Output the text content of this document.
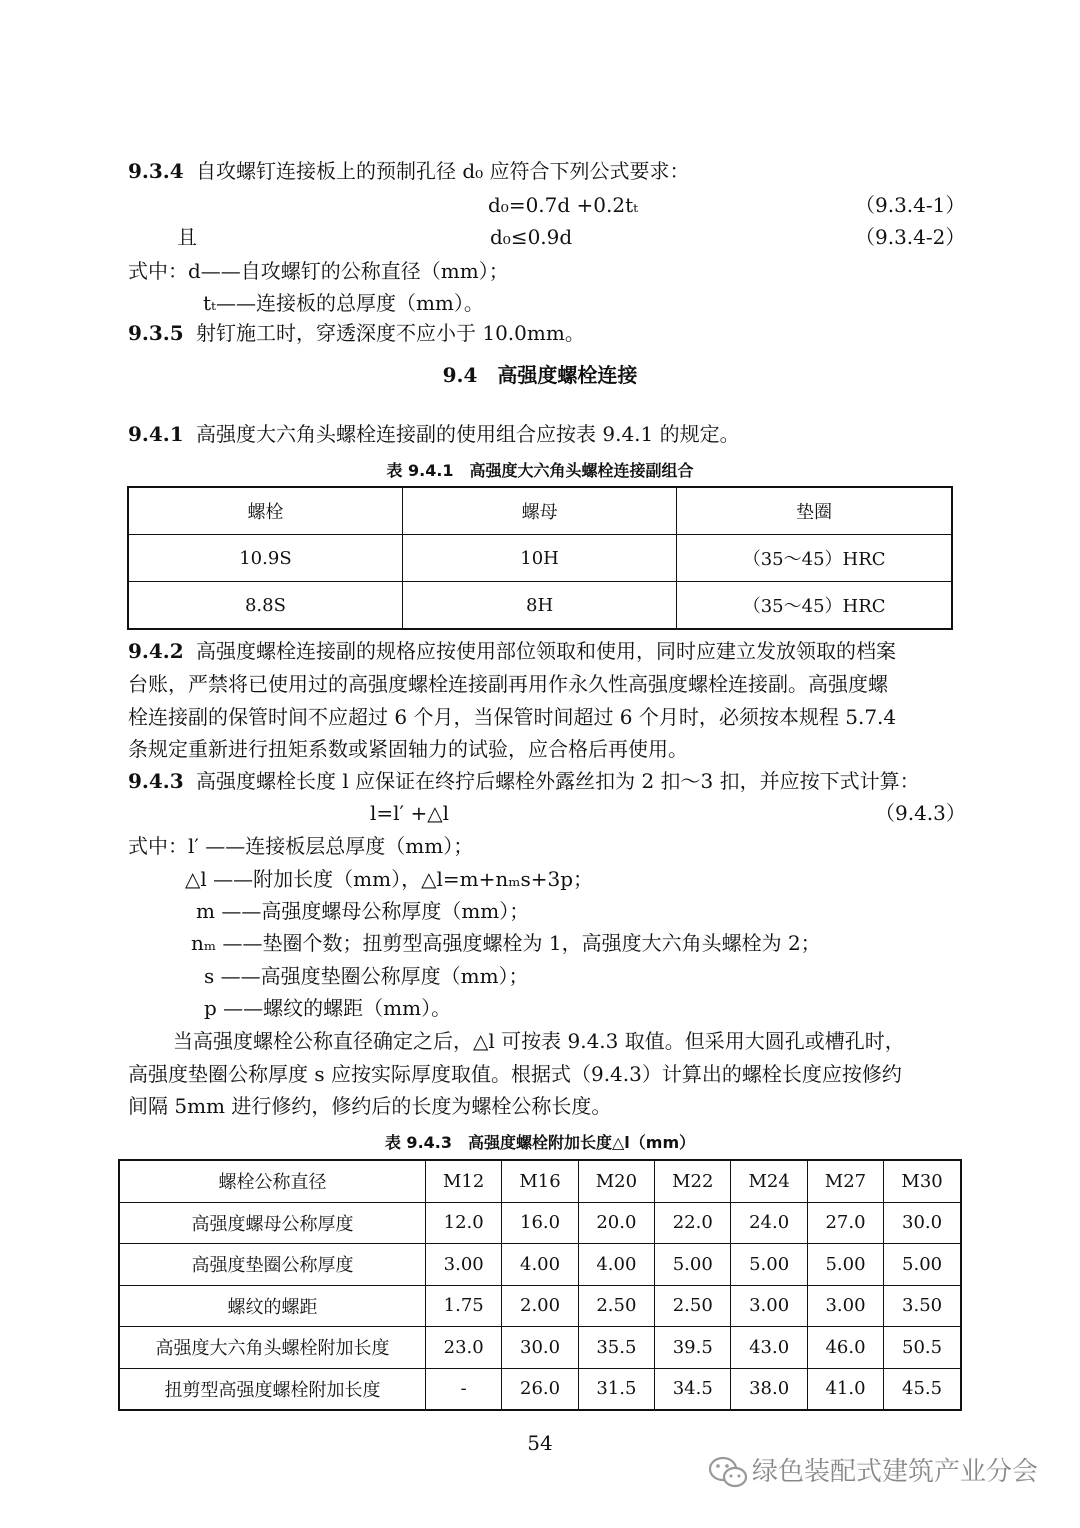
9.3.4 自攻螺钉连接板上的预制孔径 d₀ 应符合下列公式要求：
d₀=0.7d +0.2tₜ	（9.3.4-1）
且	d₀≤0.9d	（9.3.4-2）
式中：d——自攻螺钉的公称直径（mm）；
tₜ——连接板的总厚度（mm）。
9.3.5 射钉施工时，穿透深度不应小于 10.0mm。
9.4　高强度螺栓连接
9.4.1 高强度大六角头螺栓连接副的使用组合应按表 9.4.1 的规定。
表 9.4.1　高强度大六角头螺栓连接副组合
螺栓	螺母	垫圈
10.9S	10H	（35～45）HRC
8.8S	8H	（35～45）HRC
9.4.2 高强度螺栓连接副的规格应按使用部位领取和使用，同时应建立发放领取的档案
台账，严禁将已使用过的高强度螺栓连接副再用作永久性高强度螺栓连接副。高强度螺
栓连接副的保管时间不应超过 6 个月，当保管时间超过 6 个月时，必须按本规程 5.7.4
条规定重新进行扭矩系数或紧固轴力的试验，应合格后再使用。
9.4.3 高强度螺栓长度 l 应保证在终拧后螺栓外露丝扣为 2 扣～3 扣，并应按下式计算：
l=l′ +△l	（9.4.3）
式中：l′ ——连接板层总厚度（mm）；
△l ——附加长度（mm），△l=m+nₘs+3p；
m ——高强度螺母公称厚度（mm）；
nₘ ——垫圈个数；扭剪型高强度螺栓为 1，高强度大六角头螺栓为 2；
s ——高强度垫圈公称厚度（mm）；
p ——螺纹的螺距（mm）。
当高强度螺栓公称直径确定之后，△l 可按表 9.4.3 取值。但采用大圆孔或槽孔时，
高强度垫圈公称厚度 s 应按实际厚度取值。根据式（9.4.3）计算出的螺栓长度应按修约
间隔 5mm 进行修约，修约后的长度为螺栓公称长度。
表 9.4.3　高强度螺栓附加长度△l（mm）
螺栓公称直径	M12	M16	M20	M22	M24	M27	M30
高强度螺母公称厚度	12.0	16.0	20.0	22.0	24.0	27.0	30.0
高强度垫圈公称厚度	3.00	4.00	4.00	5.00	5.00	5.00	5.00
螺纹的螺距	1.75	2.00	2.50	2.50	3.00	3.00	3.50
高强度大六角头螺栓附加长度	23.0	30.0	35.5	39.5	43.0	46.0	50.5
扭剪型高强度螺栓附加长度	-	26.0	31.5	34.5	38.0	41.0	45.5
54
绿色装配式建筑产业分会
